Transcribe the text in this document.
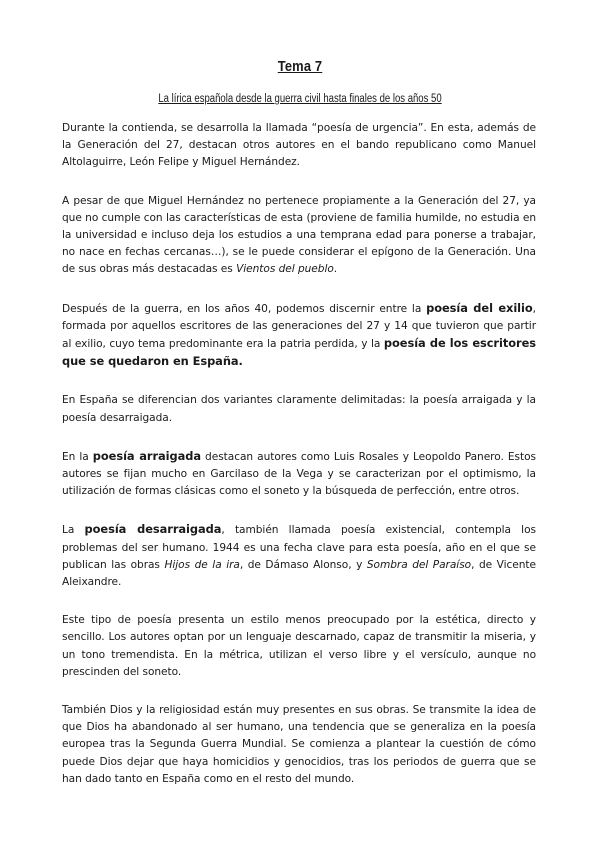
Tema 7
La lírica española desde la guerra civil hasta finales de los años 50

Durante la contienda, se desarrolla la llamada “poesía de urgencia”. En esta, además de la Generación del 27, destacan otros autores en el bando republicano como Manuel Altolaguirre, León Felipe y Miguel Hernández.

A pesar de que Miguel Hernández no pertenece propiamente a la Generación del 27, ya que no cumple con las características de esta (proviene de familia humilde, no estudia en la universidad e incluso deja los estudios a una temprana edad para ponerse a trabajar, no nace en fechas cercanas…), se le puede considerar el epígono de la Generación. Una de sus obras más destacadas es Vientos del pueblo.

Después de la guerra, en los años 40, podemos discernir entre la poesía del exilio, formada por aquellos escritores de las generaciones del 27 y 14 que tuvieron que partir al exilio, cuyo tema predominante era la patria perdida, y la poesía de los escritores que se quedaron en España.

En España se diferencian dos variantes claramente delimitadas: la poesía arraigada y la poesía desarraigada.

En la poesía arraigada destacan autores como Luis Rosales y Leopoldo Panero. Estos autores se fijan mucho en Garcilaso de la Vega y se caracterizan por el optimismo, la utilización de formas clásicas como el soneto y la búsqueda de perfección, entre otros.

La poesía desarraigada, también llamada poesía existencial, contempla los problemas del ser humano. 1944 es una fecha clave para esta poesía, año en el que se publican las obras Hijos de la ira, de Dámaso Alonso, y Sombra del Paraíso, de Vicente Aleixandre.

Este tipo de poesía presenta un estilo menos preocupado por la estética, directo y sencillo. Los autores optan por un lenguaje descarnado, capaz de transmitir la miseria, y un tono tremendista. En la métrica, utilizan el verso libre y el versículo, aunque no prescinden del soneto.

También Dios y la religiosidad están muy presentes en sus obras. Se transmite la idea de que Dios ha abandonado al ser humano, una tendencia que se generaliza en la poesía europea tras la Segunda Guerra Mundial. Se comienza a plantear la cuestión de cómo puede Dios dejar que haya homicidios y genocidios, tras los periodos de guerra que se han dado tanto en España como en el resto del mundo.
